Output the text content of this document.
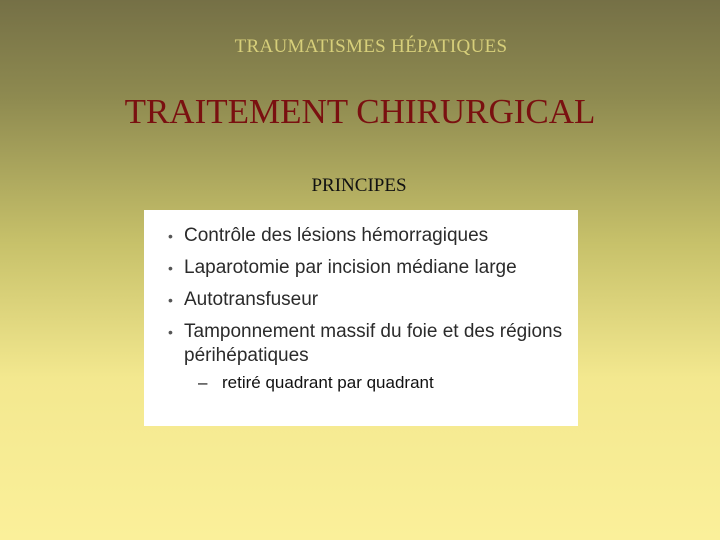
TRAUMATISMES HÉPATIQUES
TRAITEMENT CHIRURGICAL
PRINCIPES
• Contrôle des lésions hémorragiques
• Laparotomie par incision médiane large
• Autotransfuseur
• Tamponnement massif du foie et des régions périhépatiques
– retiré quadrant par quadrant
